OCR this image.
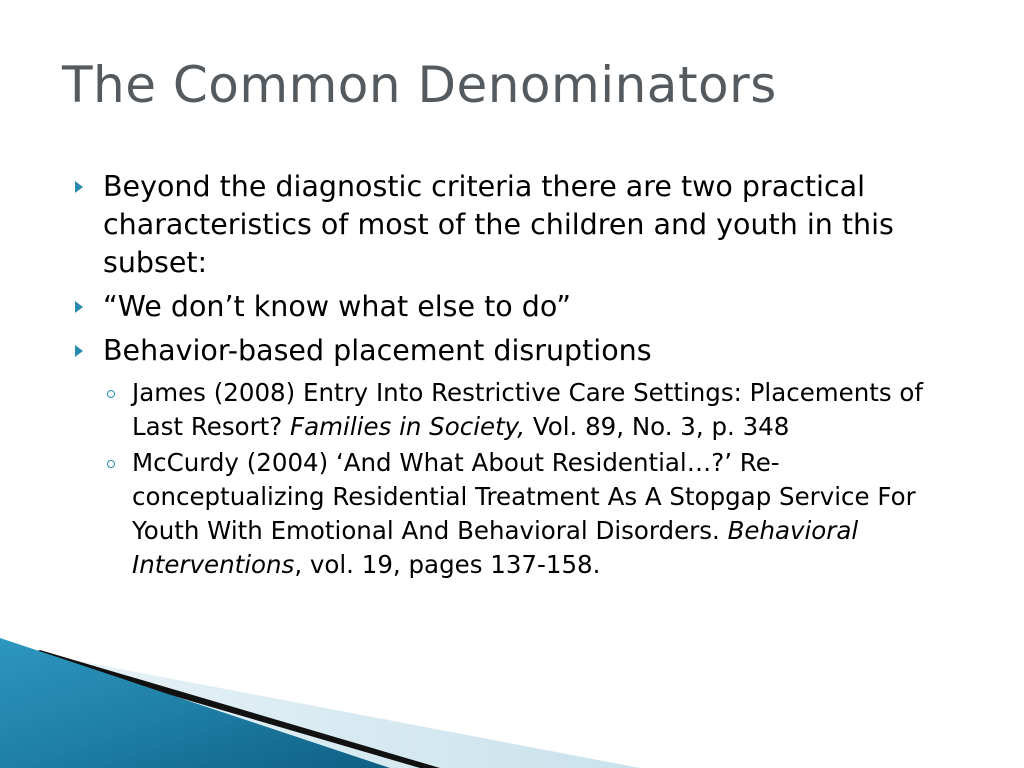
The Common Denominators
Beyond the diagnostic criteria there are two practical characteristics of most of the children and youth in this subset:
“We don’t know what else to do”
Behavior-based placement disruptions
James (2008) Entry Into Restrictive Care Settings: Placements of Last Resort? Families in Society, Vol. 89, No. 3, p. 348
McCurdy (2004) ‘And What About Residential…?’ Re-conceptualizing Residential Treatment As A Stopgap Service For Youth With Emotional And Behavioral Disorders. Behavioral Interventions, vol. 19, pages 137-158.
